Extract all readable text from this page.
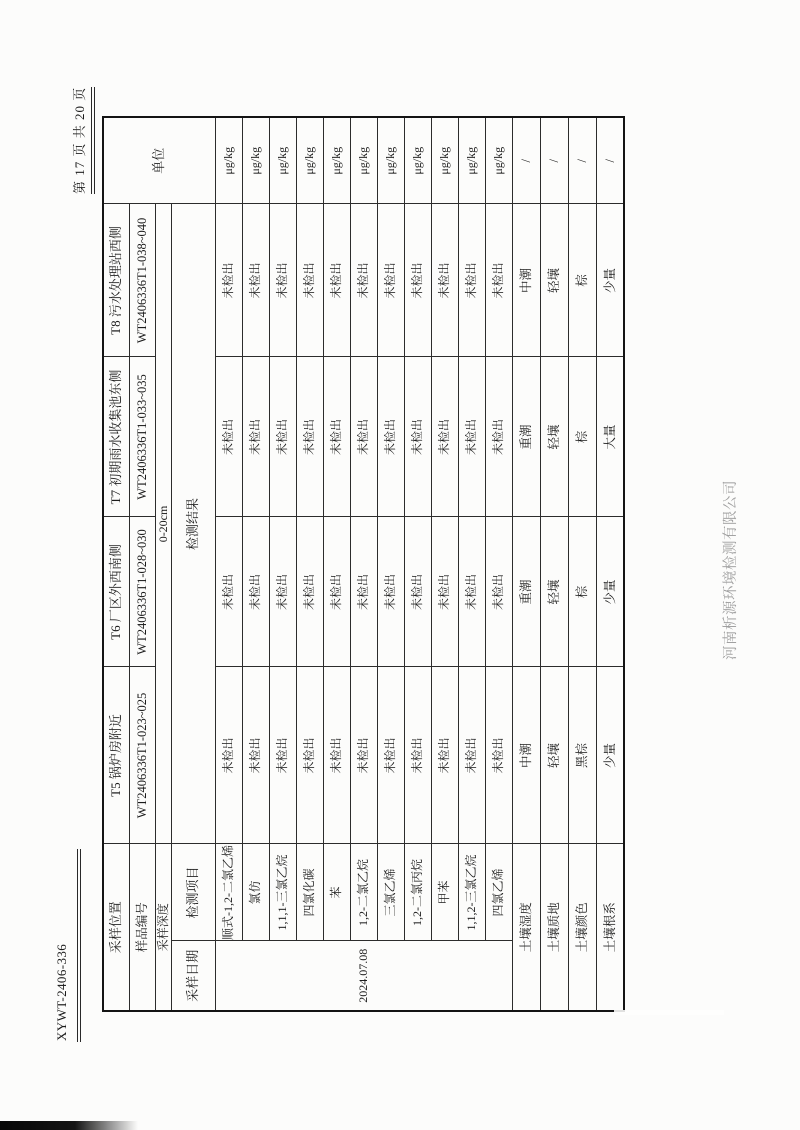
XYWT-2406-336
第 17 页 共 20 页
采样位置		T5 锅炉房附近	T6 厂区外西南侧	T7 初期雨水收集池东侧	T8 污水处理站西侧	单位
样品编号		WT2406336T1-023~025	WT2406336T1-028~030	WT2406336T1-033~035	WT2406336T1-038~040	
采样深度		0-20cm				
采样日期	检测项目	检测结果				
2024.07.08	顺式-1,2-二氯乙烯	未检出	未检出	未检出	未检出	μg/kg
	氯仿	未检出	未检出	未检出	未检出	μg/kg
	1,1,1-三氯乙烷	未检出	未检出	未检出	未检出	μg/kg
	四氯化碳	未检出	未检出	未检出	未检出	μg/kg
	苯	未检出	未检出	未检出	未检出	μg/kg
	1,2-二氯乙烷	未检出	未检出	未检出	未检出	μg/kg
	三氯乙烯	未检出	未检出	未检出	未检出	μg/kg
	1,2-二氯丙烷	未检出	未检出	未检出	未检出	μg/kg
	甲苯	未检出	未检出	未检出	未检出	μg/kg
	1,1,2-三氯乙烷	未检出	未检出	未检出	未检出	μg/kg
	四氯乙烯	未检出	未检出	未检出	未检出	μg/kg
土壤湿度		中潮	重潮	重潮	中潮	/
土壤质地		轻壤	轻壤	轻壤	轻壤	/
土壤颜色		黑棕	棕	棕	棕	/
土壤根系		少量	少量	大量	少量	/
河南析源环境检测有限公司
